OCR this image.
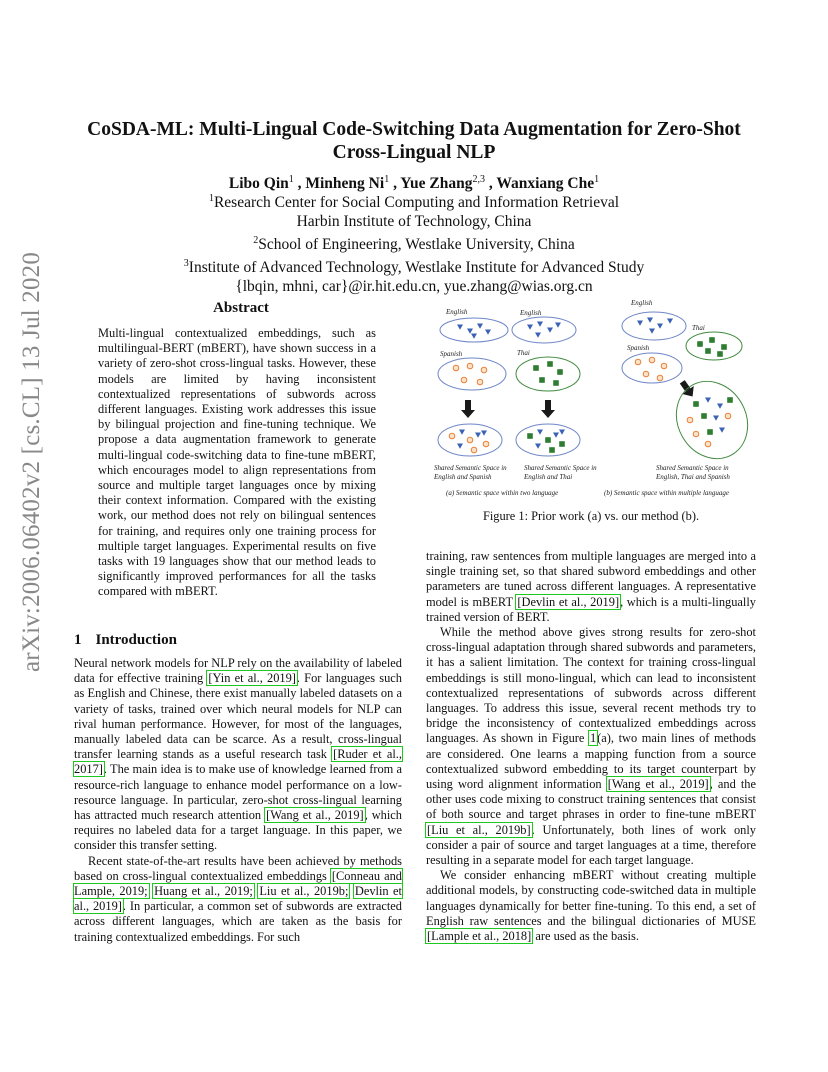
arXiv:2006.06402v2 [cs.CL] 13 Jul 2020
CoSDA-ML: Multi-Lingual Code-Switching Data Augmentation for Zero-Shot
Cross-Lingual NLP
Libo Qin$^1$ , Minheng Ni$^1$ , Yue Zhang$^{2,3}$ , Wanxiang Che$^1$
$^1$Research Center for Social Computing and Information Retrieval
Harbin Institute of Technology, China
$^2$School of Engineering, Westlake University, China
$^3$Institute of Advanced Technology, Westlake Institute for Advanced Study
{lbqin, mhni, car}@ir.hit.edu.cn, yue.zhang@wias.org.cn
Abstract
Multi-lingual contextualized embeddings, such as multilingual-BERT (mBERT), have shown success in a variety of zero-shot cross-lingual tasks. However, these models are limited by having inconsistent contextualized representations of subwords across different languages. Existing work addresses this issue by bilingual projection and fine-tuning technique. We propose a data augmentation framework to generate multi-lingual code-switching data to fine-tune mBERT, which encourages model to align representations from source and multiple target languages once by mixing their context information. Compared with the existing work, our method does not rely on bilingual sentences for training, and requires only one training process for multiple target languages. Experimental results on five tasks with 19 languages show that our method leads to significantly improved performances for all the tasks compared with mBERT.
English
Spanish
English
Thai
Shared Semantic Space in
English and Spanish
Shared Semantic Space in
English and Thai
(a) Semantic space within two language
English
Thai
Spanish
Shared Semantic Space in
English, Thai and Spanish
(b) Semantic space within multiple language
Figure 1: Prior work (a) vs. our method (b).
1 Introduction

Neural network models for NLP rely on the availability of labeled data for effective training [Yin et al., 2019]. For languages such as English and Chinese, there exist manually labeled datasets on a variety of tasks, trained over which neural models for NLP can rival human performance. However, for most of the languages, manually labeled data can be scarce. As a result, cross-lingual transfer learning stands as a useful research task [Ruder et al., 2017]. The main idea is to make use of knowledge learned from a resource-rich language to enhance model performance on a low-resource language. In particular, zero-shot cross-lingual learning has attracted much research attention [Wang et al., 2019], which requires no labeled data for a target language. In this paper, we consider this transfer setting.

Recent state-of-the-art results have been achieved by methods based on cross-lingual contextualized embeddings [Conneau and Lample, 2019; Huang et al., 2019; Liu et al., 2019b; Devlin et al., 2019]. In particular, a common set of subwords are extracted across different languages, which are taken as the basis for training contextualized embeddings. For such

training, raw sentences from multiple languages are merged into a single training set, so that shared subword embeddings and other parameters are tuned across different languages. A representative model is mBERT [Devlin et al., 2019], which is a multi-lingually trained version of BERT.

While the method above gives strong results for zero-shot cross-lingual adaptation through shared subwords and parameters, it has a salient limitation. The context for training cross-lingual embeddings is still mono-lingual, which can lead to inconsistent contextualized representations of subwords across different languages. To address this issue, several recent methods try to bridge the inconsistency of contextualized embeddings across languages. As shown in Figure 1(a), two main lines of methods are considered. One learns a mapping function from a source contextualized subword embedding to its target counterpart by using word alignment information [Wang et al., 2019], and the other uses code mixing to construct training sentences that consist of both source and target phrases in order to fine-tune mBERT [Liu et al., 2019b]. Unfortunately, both lines of work only consider a pair of source and target languages at a time, therefore resulting in a separate model for each target language.

We consider enhancing mBERT without creating multiple additional models, by constructing code-switched data in multiple languages dynamically for better fine-tuning. To this end, a set of English raw sentences and the bilingual dictionaries of MUSE [Lample et al., 2018] are used as the basis.
